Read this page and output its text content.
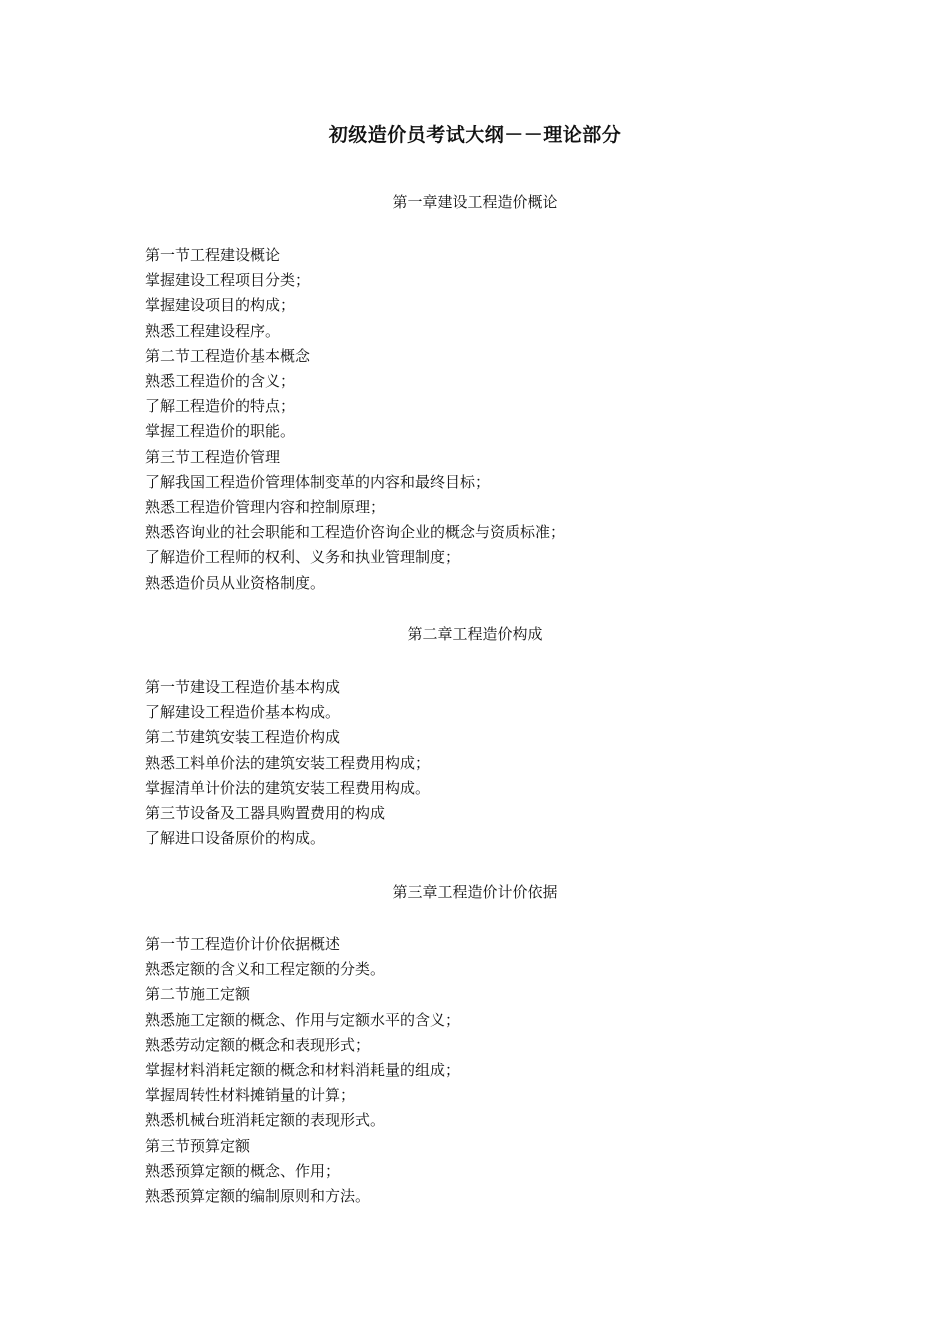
初级造价员考试大纲－－理论部分
第一章建设工程造价概论
第一节工程建设概论
掌握建设工程项目分类；
掌握建设项目的构成；
熟悉工程建设程序。
第二节工程造价基本概念
熟悉工程造价的含义；
了解工程造价的特点；
掌握工程造价的职能。
第三节工程造价管理
了解我国工程造价管理体制变革的内容和最终目标；
熟悉工程造价管理内容和控制原理；
熟悉咨询业的社会职能和工程造价咨询企业的概念与资质标准；
了解造价工程师的权利、义务和执业管理制度；
熟悉造价员从业资格制度。
第二章工程造价构成
第一节建设工程造价基本构成
了解建设工程造价基本构成。
第二节建筑安装工程造价构成
熟悉工料单价法的建筑安装工程费用构成；
掌握清单计价法的建筑安装工程费用构成。
第三节设备及工器具购置费用的构成
了解进口设备原价的构成。
第三章工程造价计价依据
第一节工程造价计价依据概述
熟悉定额的含义和工程定额的分类。
第二节施工定额
熟悉施工定额的概念、作用与定额水平的含义；
熟悉劳动定额的概念和表现形式；
掌握材料消耗定额的概念和材料消耗量的组成；
掌握周转性材料摊销量的计算；
熟悉机械台班消耗定额的表现形式。
第三节预算定额
熟悉预算定额的概念、作用；
熟悉预算定额的编制原则和方法。
